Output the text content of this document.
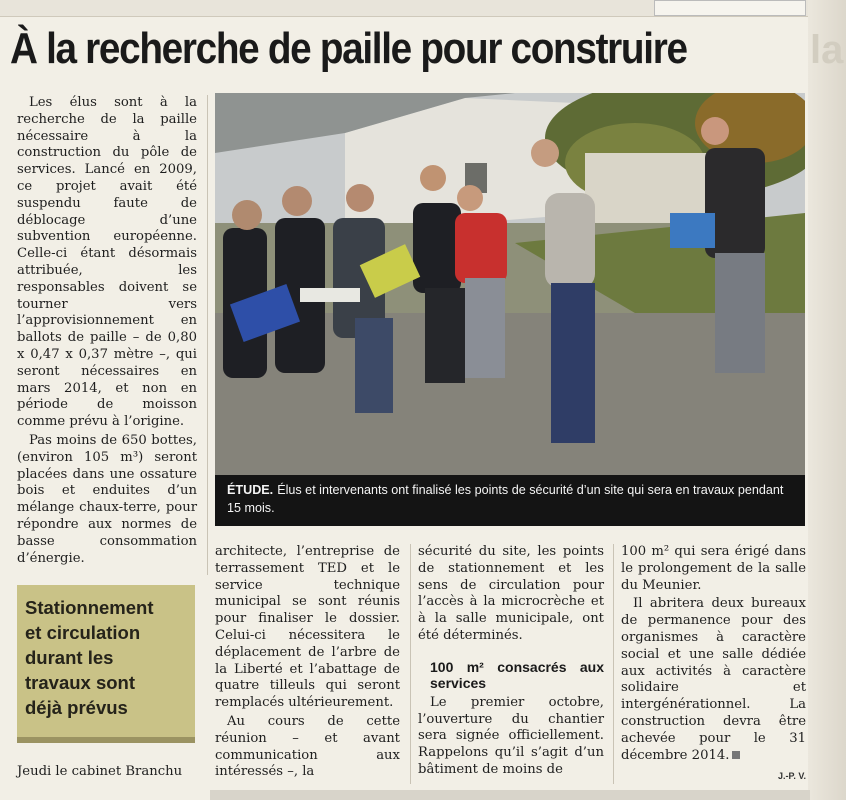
la
À la recherche de paille pour construire

Les élus sont à la recherche de la paille nécessaire à la construction du pôle de services. Lancé en 2009, ce projet avait été suspendu faute de déblocage d’une subvention européenne. Celle-ci étant désormais attribuée, les responsables doivent se tourner vers l’approvisionnement en ballots de paille – de 0,80 x 0,47 x 0,37 mètre –, qui seront nécessaires en mars 2014, et non en période de moisson comme prévu à l’origine.

Pas moins de 650 bottes, (environ 105 m³) seront placées dans une ossature bois et enduites d’un mélange chaux-terre, pour répondre aux normes de basse consommation d’énergie.

Stationnement
et circulation
durant les
travaux sont
déjà prévus

Jeudi le cabinet Branchu

ÉTUDE. Élus et intervenants ont finalisé les points de sécurité d’un site qui sera en travaux pendant 15 mois.

architecte, l’entreprise de terrassement TED et le service technique municipal se sont réunis pour finaliser le dossier. Celui-ci nécessitera le déplacement de l’arbre de la Liberté et l’abattage de quatre tilleuls qui seront remplacés ultérieurement.

Au cours de cette réunion – et avant communication aux intéressés –, la

sécurité du site, les points de stationnement et les sens de circulation pour l’accès à la microcrèche et à la salle municipale, ont été déterminés.

100 m² consacrés aux services

Le premier octobre, l’ouverture du chantier sera signée officiellement. Rappelons qu’il s’agit d’un bâtiment de moins de

100 m² qui sera érigé dans le prolongement de la salle du Meunier.

Il abritera deux bureaux de permanence pour des organismes à caractère social et une salle dédiée aux activités à caractère solidaire et intergénérationnel. La construction devra être achevée pour le 31 décembre 2014.

J.-P. V.
